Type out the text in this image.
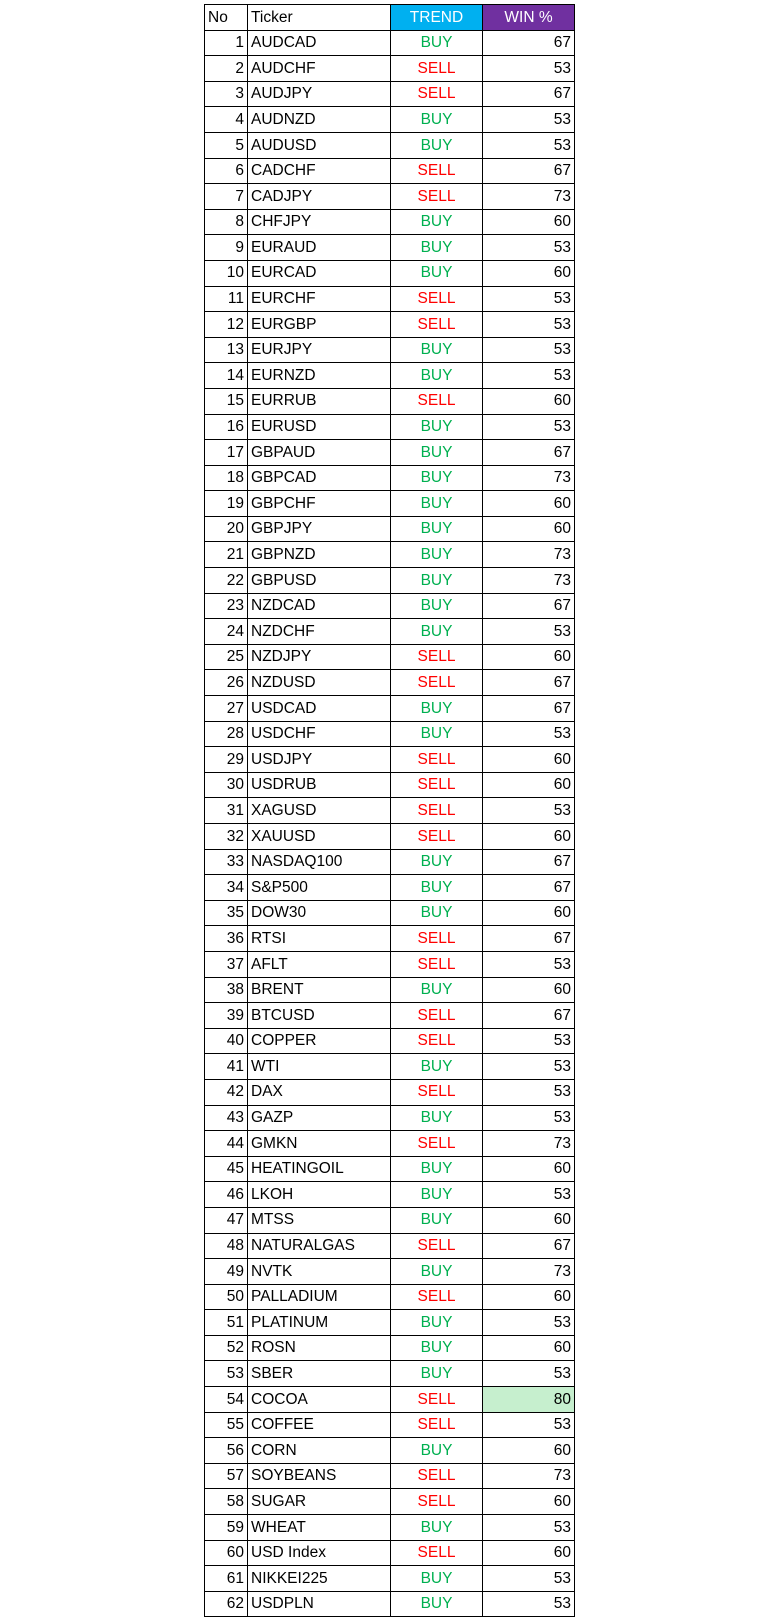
No	Ticker	TREND	WIN %
1	AUDCAD	BUY	67
2	AUDCHF	SELL	53
3	AUDJPY	SELL	67
4	AUDNZD	BUY	53
5	AUDUSD	BUY	53
6	CADCHF	SELL	67
7	CADJPY	SELL	73
8	CHFJPY	BUY	60
9	EURAUD	BUY	53
10	EURCAD	BUY	60
11	EURCHF	SELL	53
12	EURGBP	SELL	53
13	EURJPY	BUY	53
14	EURNZD	BUY	53
15	EURRUB	SELL	60
16	EURUSD	BUY	53
17	GBPAUD	BUY	67
18	GBPCAD	BUY	73
19	GBPCHF	BUY	60
20	GBPJPY	BUY	60
21	GBPNZD	BUY	73
22	GBPUSD	BUY	73
23	NZDCAD	BUY	67
24	NZDCHF	BUY	53
25	NZDJPY	SELL	60
26	NZDUSD	SELL	67
27	USDCAD	BUY	67
28	USDCHF	BUY	53
29	USDJPY	SELL	60
30	USDRUB	SELL	60
31	XAGUSD	SELL	53
32	XAUUSD	SELL	60
33	NASDAQ100	BUY	67
34	S&P500	BUY	67
35	DOW30	BUY	60
36	RTSI	SELL	67
37	AFLT	SELL	53
38	BRENT	BUY	60
39	BTCUSD	SELL	67
40	COPPER	SELL	53
41	WTI	BUY	53
42	DAX	SELL	53
43	GAZP	BUY	53
44	GMKN	SELL	73
45	HEATINGOIL	BUY	60
46	LKOH	BUY	53
47	MTSS	BUY	60
48	NATURALGAS	SELL	67
49	NVTK	BUY	73
50	PALLADIUM	SELL	60
51	PLATINUM	BUY	53
52	ROSN	BUY	60
53	SBER	BUY	53
54	COCOA	SELL	80
55	COFFEE	SELL	53
56	CORN	BUY	60
57	SOYBEANS	SELL	73
58	SUGAR	SELL	60
59	WHEAT	BUY	53
60	USD Index	SELL	60
61	NIKKEI225	BUY	53
62	USDPLN	BUY	53
